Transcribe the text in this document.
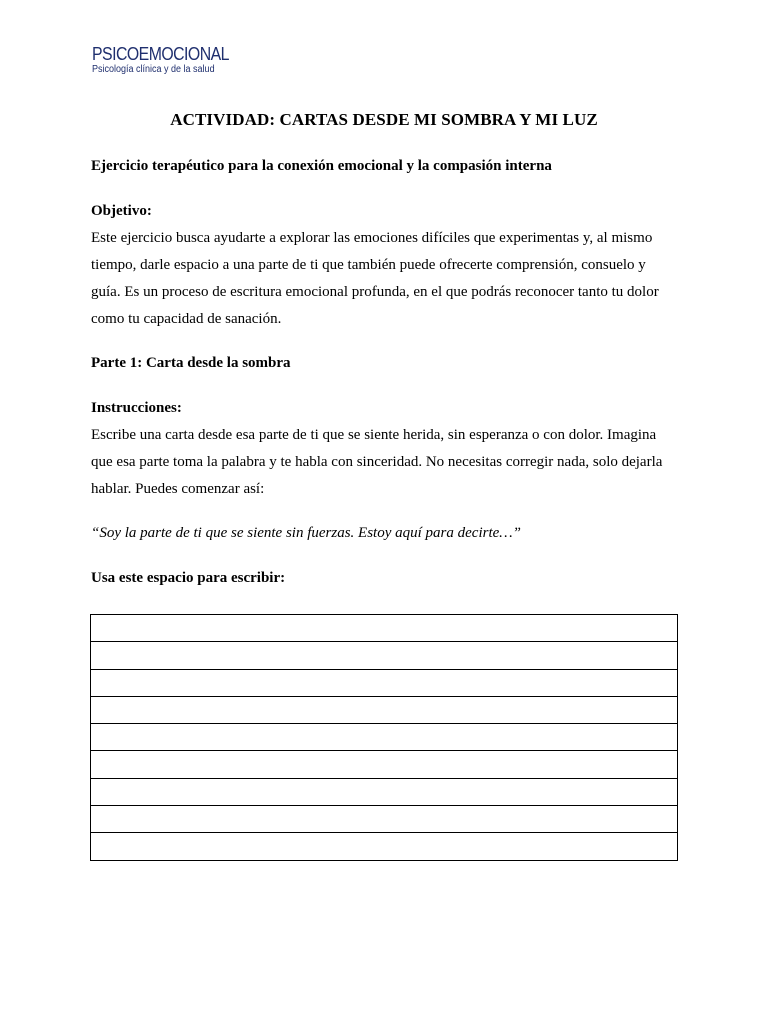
PSICOEMOCIONAL
Psicología clínica y de la salud
ACTIVIDAD: CARTAS DESDE MI SOMBRA Y MI LUZ
Ejercicio terapéutico para la conexión emocional y la compasión interna
Objetivo:
Este ejercicio busca ayudarte a explorar las emociones difíciles que experimentas y, al mismo
tiempo, darle espacio a una parte de ti que también puede ofrecerte comprensión, consuelo y
guía. Es un proceso de escritura emocional profunda, en el que podrás reconocer tanto tu dolor
como tu capacidad de sanación.
Parte 1: Carta desde la sombra
Instrucciones:
Escribe una carta desde esa parte de ti que se siente herida, sin esperanza o con dolor. Imagina
que esa parte toma la palabra y te habla con sinceridad. No necesitas corregir nada, solo dejarla
hablar. Puedes comenzar así:
“Soy la parte de ti que se siente sin fuerzas. Estoy aquí para decirte…”
Usa este espacio para escribir:
